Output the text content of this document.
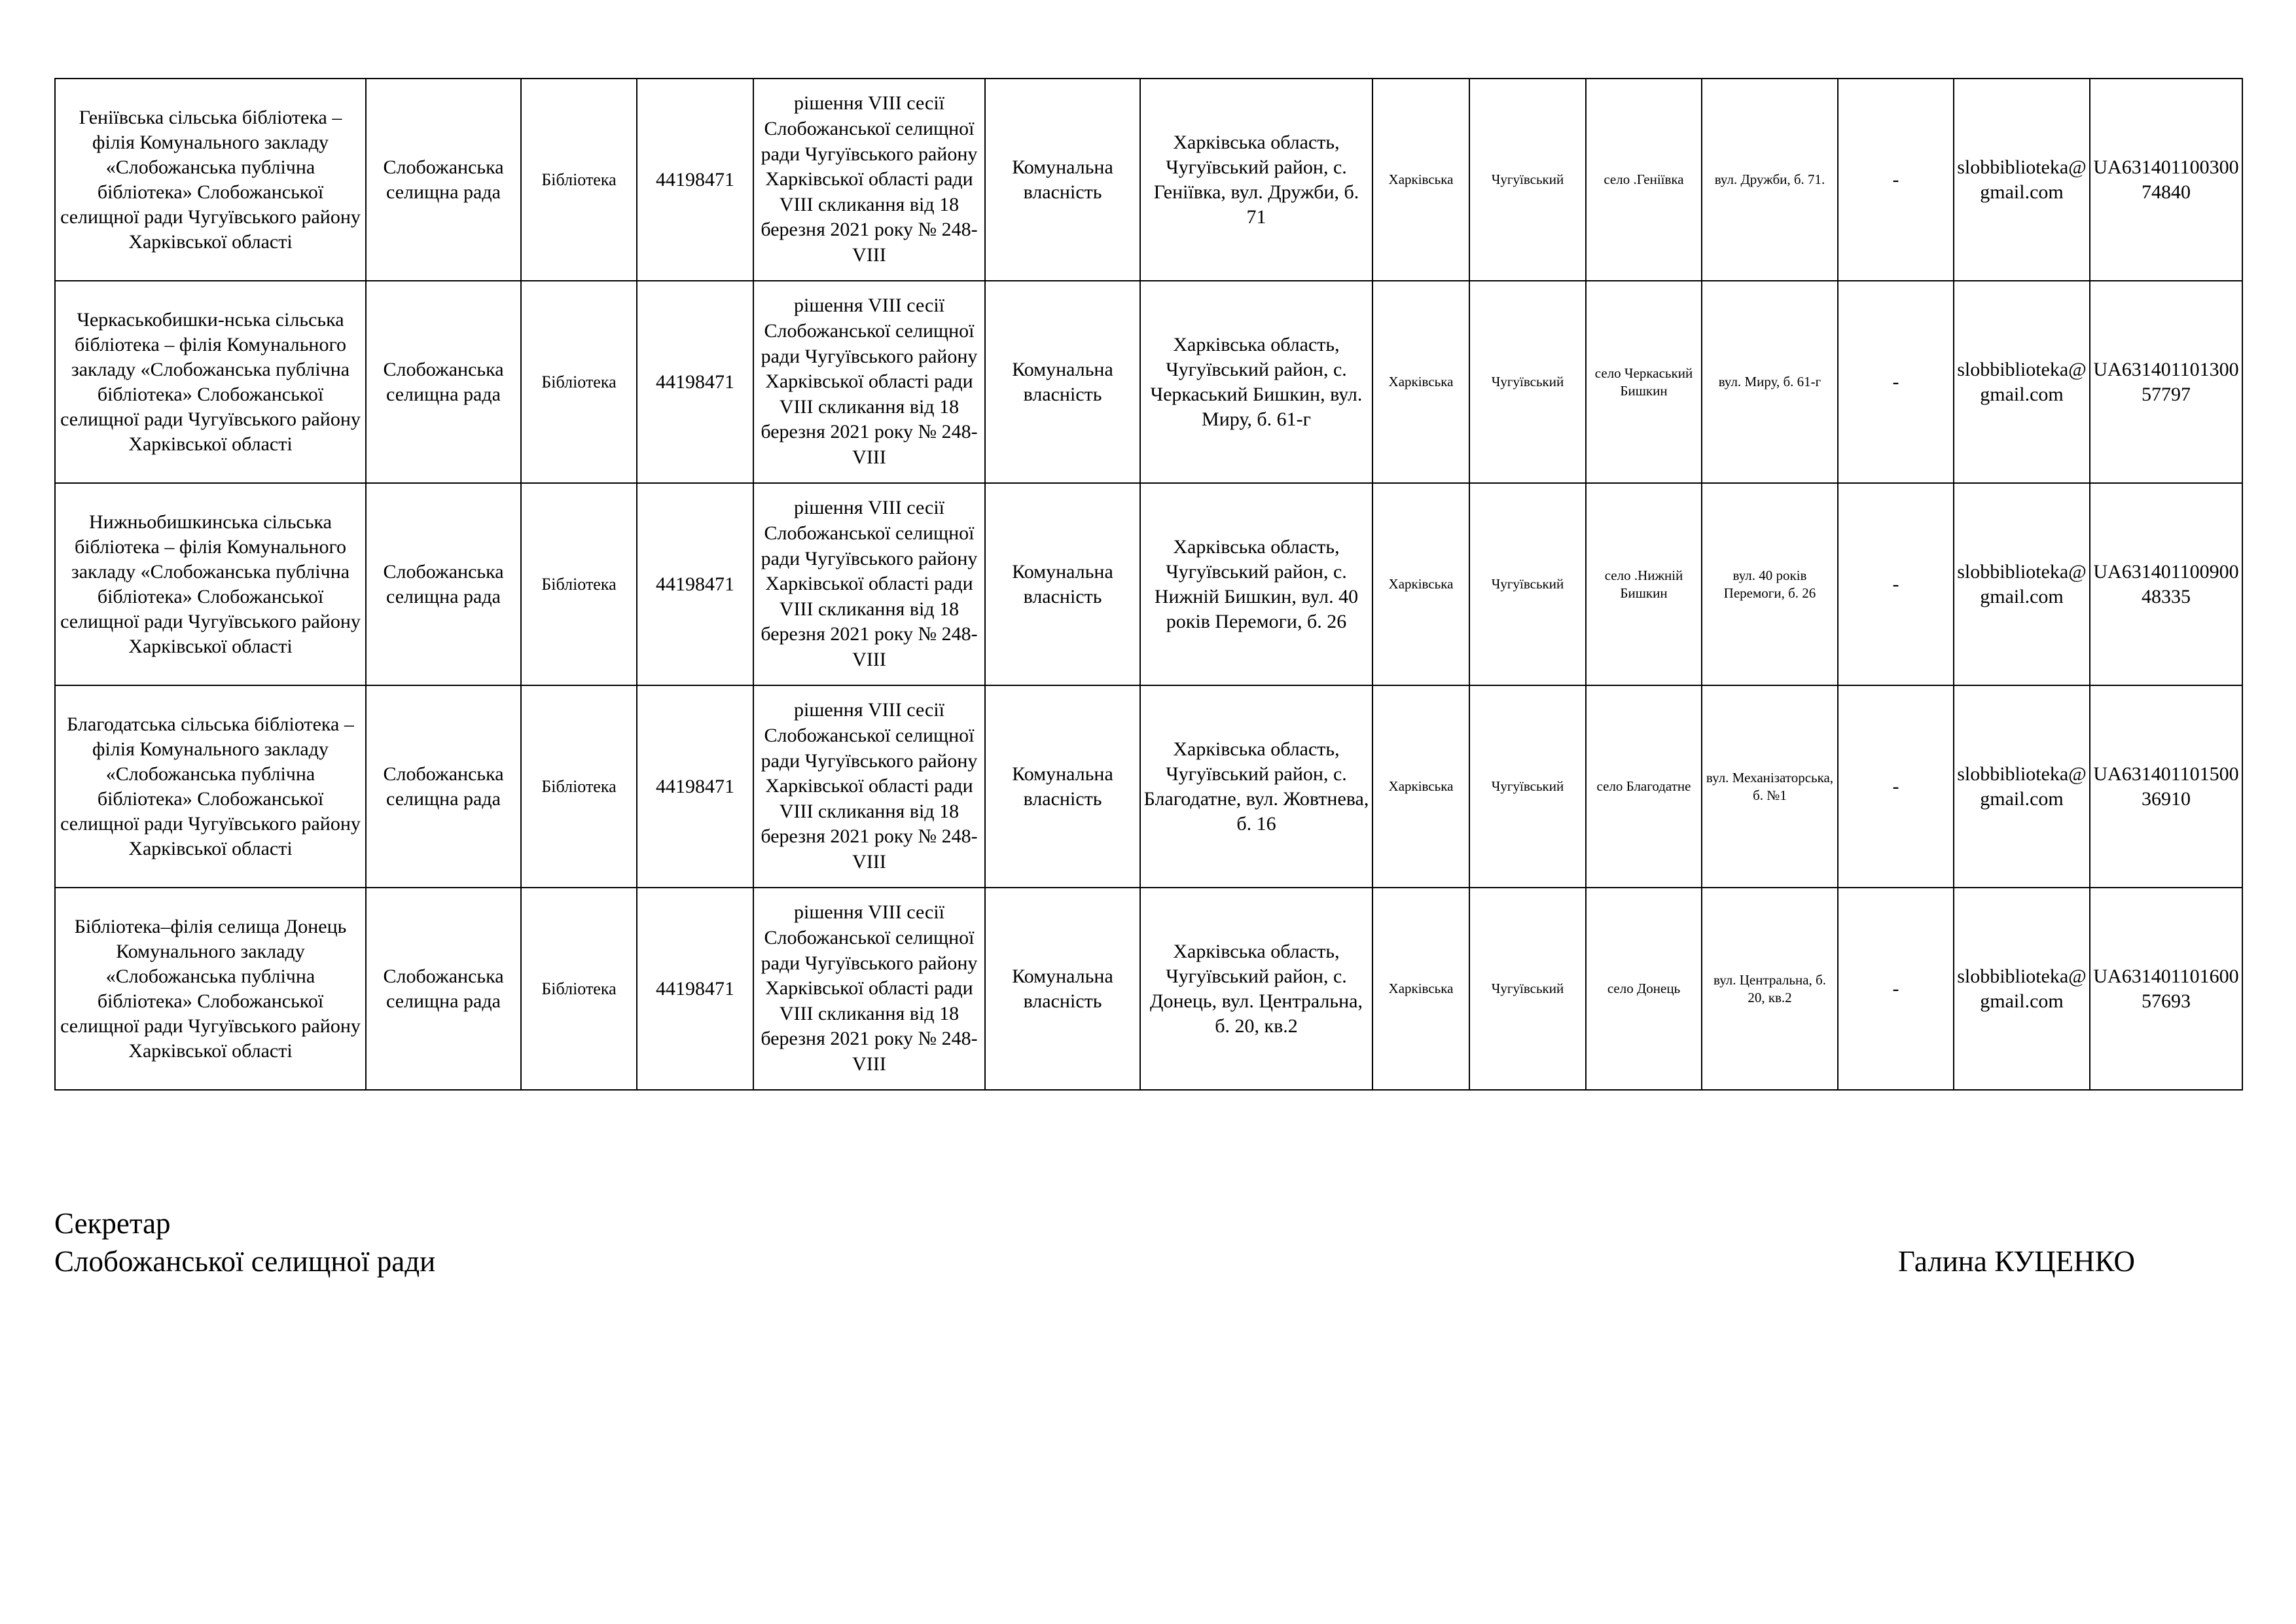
Геніївська сільська бібліотека – філія Комунального закладу «Слобожанська публічна бібліотека» Слобожанської селищної ради Чугуївського району Харківської області	Слобожанська селищна рада	Бібліотека	44198471	рішення VIII сесії Слобожанської селищної ради Чугуївського району Харківської області ради VIII скликання від 18 березня 2021 року № 248-VIII	Комунальна власність	Харківська область, Чугуївський район, с. Геніївка, вул. Дружби, б. 71	Харківська	Чугуївський	село .Геніївка	вул. Дружби, б. 71.	-	slobbiblioteka@gmail.com	UA63140110030074840
Черкаськобишки-нська сільська бібліотека – філія Комунального закладу «Слобожанська публічна бібліотека» Слобожанської селищної ради Чугуївського району Харківської області	Слобожанська селищна рада	Бібліотека	44198471	рішення VIII сесії Слобожанської селищної ради Чугуївського району Харківської області ради VIII скликання від 18 березня 2021 року № 248-VIII	Комунальна власність	Харківська область, Чугуївський район, с. Черкаський Бишкин, вул. Миру, б. 61-г	Харківська	Чугуївський	село Черкаський Бишкин	вул. Миру, б. 61-г	-	slobbiblioteka@gmail.com	UA63140110130057797
Нижньобишкинська сільська бібліотека – філія Комунального закладу «Слобожанська публічна бібліотека» Слобожанської селищної ради Чугуївського району Харківської області	Слобожанська селищна рада	Бібліотека	44198471	рішення VIII сесії Слобожанської селищної ради Чугуївського району Харківської області ради VIII скликання від 18 березня 2021 року № 248-VIII	Комунальна власність	Харківська область, Чугуївський район, с. Нижній Бишкин, вул. 40 років Перемоги, б. 26	Харківська	Чугуївський	село .Нижній Бишкин	вул. 40 років Перемоги, б. 26	-	slobbiblioteka@gmail.com	UA63140110090048335
Благодатська сільська бібліотека – філія Комунального закладу «Слобожанська публічна бібліотека» Слобожанської селищної ради Чугуївського району Харківської області	Слобожанська селищна рада	Бібліотека	44198471	рішення VIII сесії Слобожанської селищної ради Чугуївського району Харківської області ради VIII скликання від 18 березня 2021 року № 248-VIII	Комунальна власність	Харківська область, Чугуївський район, с. Благодатне, вул. Жовтнева, б. 16	Харківська	Чугуївський	село Благодатне	вул. Механізаторська, б. №1	-	slobbiblioteka@gmail.com	UA63140110150036910
Бібліотека–філія селища Донець Комунального закладу «Слобожанська публічна бібліотека» Слобожанської селищної ради Чугуївського району Харківської області	Слобожанська селищна рада	Бібліотека	44198471	рішення VIII сесії Слобожанської селищної ради Чугуївського району Харківської області ради VIII скликання від 18 березня 2021 року № 248-VIII	Комунальна власність	Харківська область, Чугуївський район, с. Донець, вул. Центральна, б. 20, кв.2	Харківська	Чугуївський	село Донець	вул. Центральна, б. 20, кв.2	-	slobbiblioteka@gmail.com	UA63140110160057693
Секретар
Слобожанської селищної ради	Галина КУЦЕНКО
